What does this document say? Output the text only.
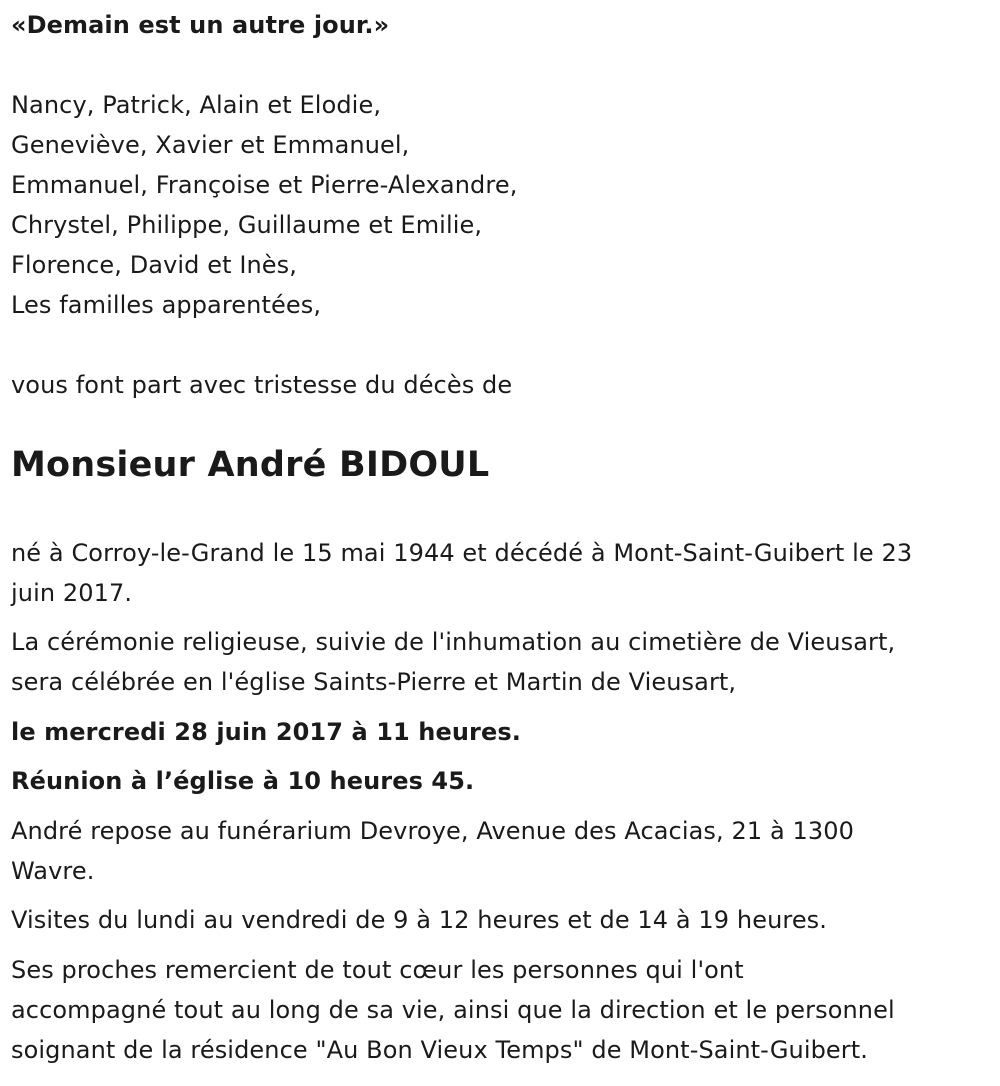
«Demain est un autre jour.»
Nancy, Patrick, Alain et Elodie,
Geneviève, Xavier et Emmanuel,
Emmanuel, Françoise et Pierre-Alexandre,
Chrystel, Philippe, Guillaume et Emilie,
Florence, David et Inès,
Les familles apparentées,
vous font part avec tristesse du décès de
Monsieur André BIDOUL
né à Corroy-le-Grand le 15 mai 1944 et décédé à Mont-Saint-Guibert le 23
juin 2017.
La cérémonie religieuse, suivie de l'inhumation au cimetière de Vieusart,
sera célébrée en l'église Saints-Pierre et Martin de Vieusart,
le mercredi 28 juin 2017 à 11 heures.
Réunion à l’église à 10 heures 45.
André repose au funérarium Devroye, Avenue des Acacias, 21 à 1300
Wavre.
Visites du lundi au vendredi de 9 à 12 heures et de 14 à 19 heures.
Ses proches remercient de tout cœur les personnes qui l'ont
accompagné tout au long de sa vie, ainsi que la direction et le personnel
soignant de la résidence "Au Bon Vieux Temps" de Mont-Saint-Guibert.
